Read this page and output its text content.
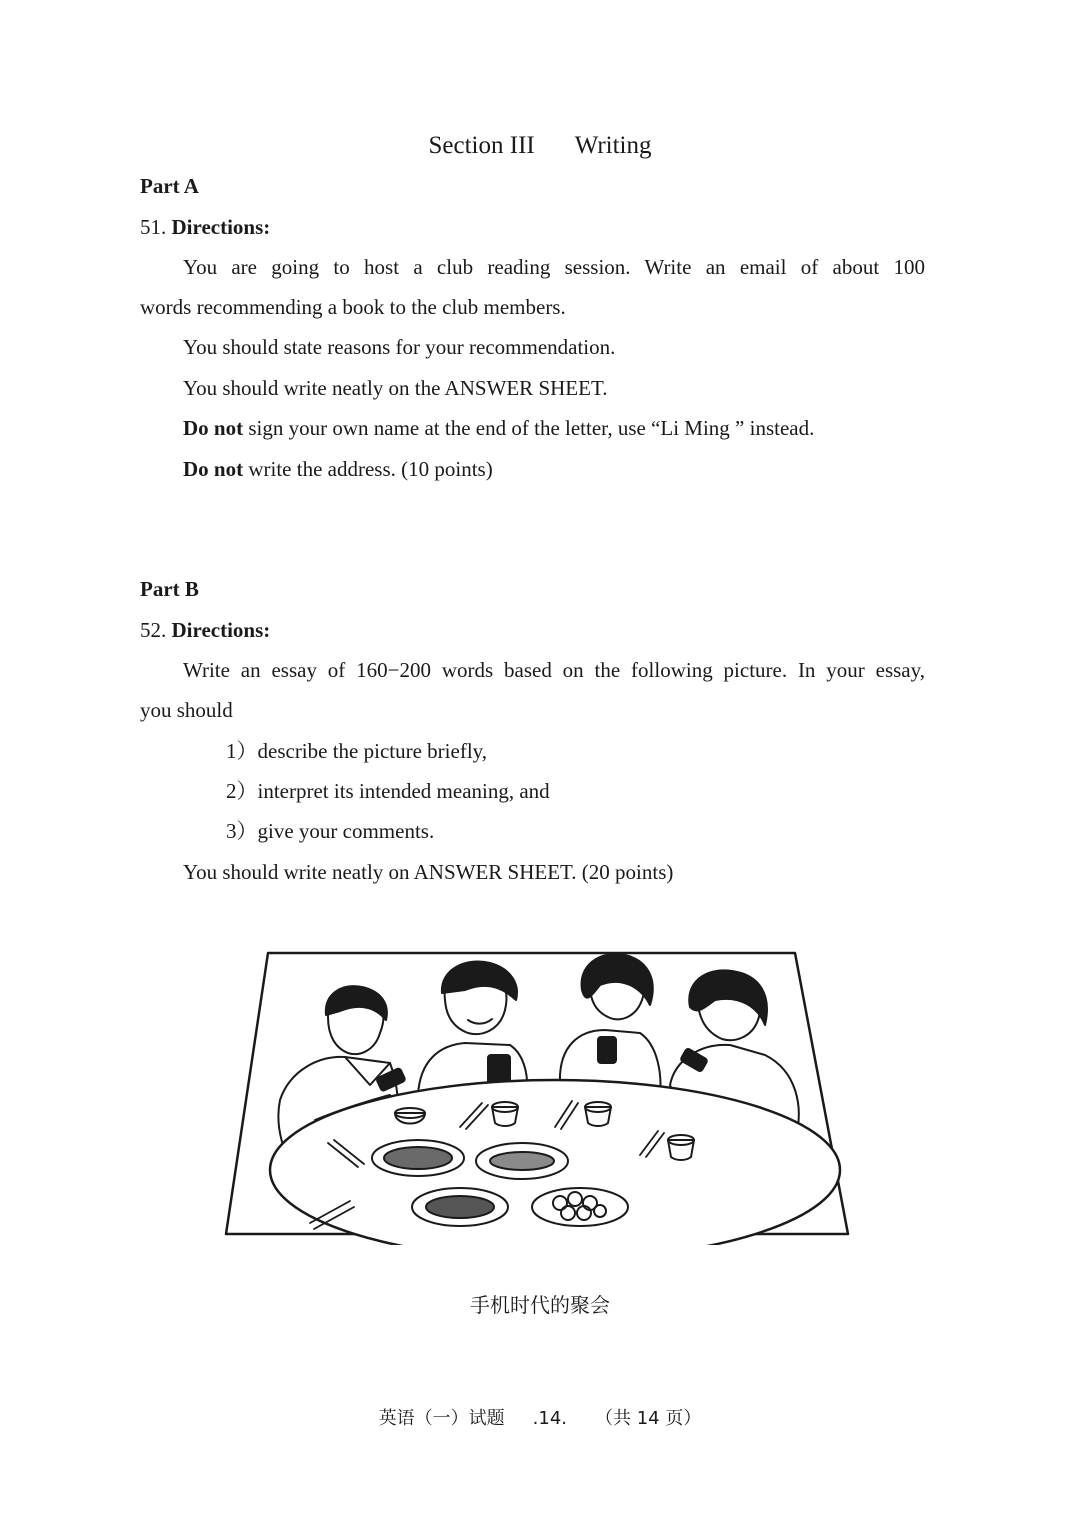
Section III Writing
Part A
51. Directions:
You are going to host a club reading session. Write an email of about 100
words recommending a book to the club members.
You should state reasons for your recommendation.
You should write neatly on the ANSWER SHEET.
Do not sign your own name at the end of the letter, use “Li Ming ” instead.
Do not write the address. (10 points)
Part B
52. Directions:
Write an essay of 160−200 words based on the following picture. In your essay,
you should
1）describe the picture briefly,
2）interpret its intended meaning, and
3）give your comments.
You should write neatly on ANSWER SHEET. (20 points)
手机时代的聚会
英语（一）试题 .14. （共 14 页）
